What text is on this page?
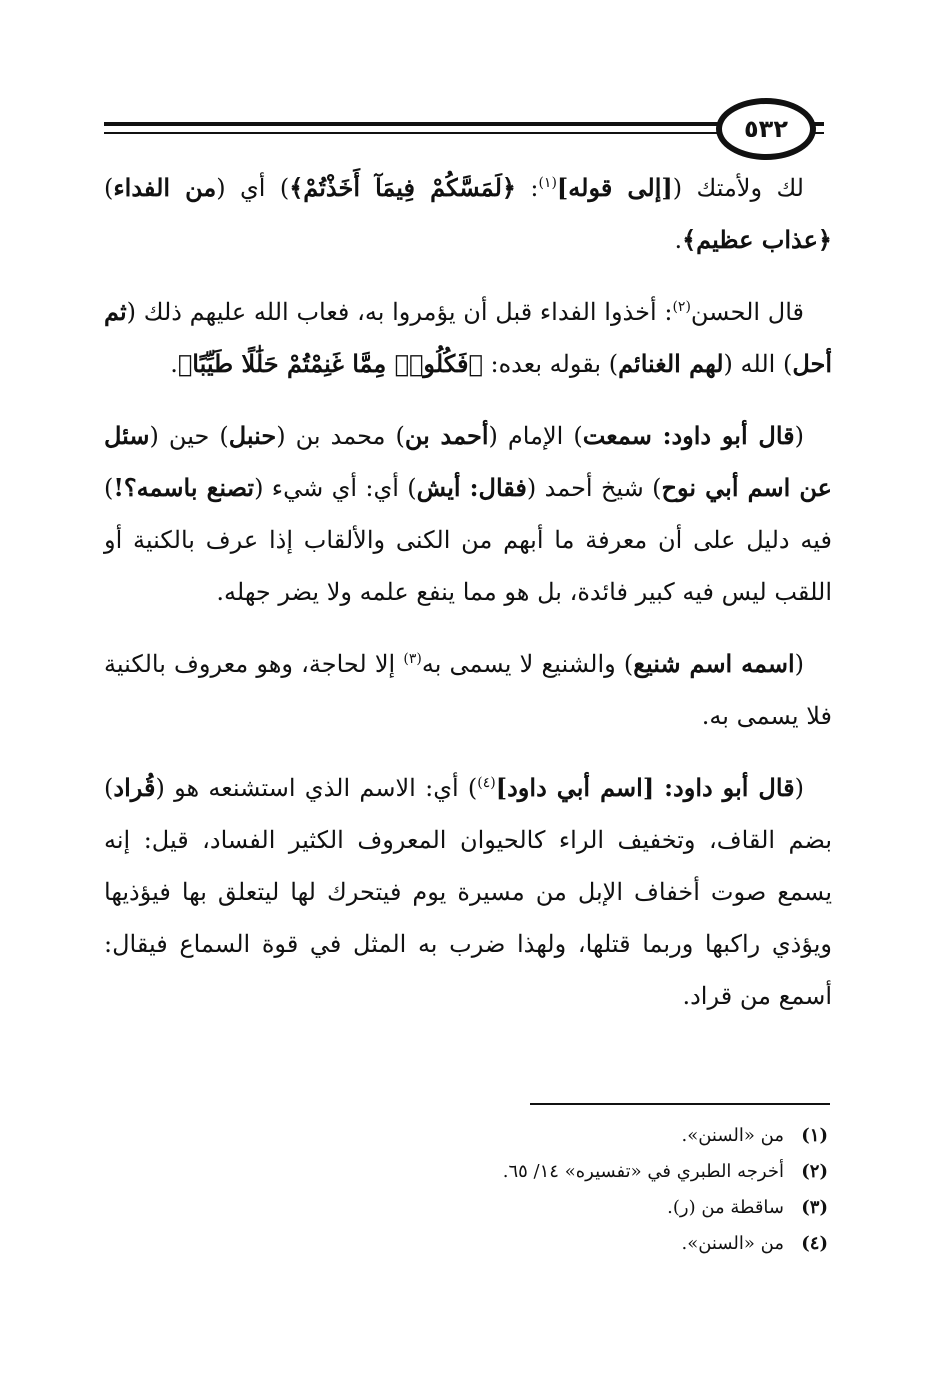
٥٣٢

لك ولأمتك ([إلى قوله]$^{(١)}$: ﴿لَمَسَّكُمْ فِيمَآ أَخَذْتُمْ﴾) أي (من الفداء) ﴿عذاب عظيم﴾.

قال الحسن$^{(٢)}$: أخذوا الفداء قبل أن يؤمروا به، فعاب الله عليهم ذلك (ثم أحل) الله (لهم الغنائم) بقوله بعده: ﴿فَكُلُوا۟ مِمَّا غَنِمْتُمْ حَلَٰلًا طَيِّبًا﴾.

(قال أبو داود: سمعت) الإمام (أحمد بن) محمد بن (حنبل) حين (سئل عن اسم أبي نوح) شيخ أحمد (فقال: أيش) أي: أي شيء (تصنع باسمه؟!) فيه دليل على أن معرفة ما أبهم من الكنى والألقاب إذا عرف بالكنية أو اللقب ليس فيه كبير فائدة، بل هو مما ينفع علمه ولا يضر جهله.

(اسمه اسم شنيع) والشنيع لا يسمى به$^{(٣)}$ إلا لحاجة، وهو معروف بالكنية فلا يسمى به.

(قال أبو داود: [اسم أبي داود]$^{(٤)}$) أي: الاسم الذي استشنعه هو (قُراد) بضم القاف، وتخفيف الراء كالحيوان المعروف الكثير الفساد، قيل: إنه يسمع صوت أخفاف الإبل من مسيرة يوم فيتحرك لها ليتعلق بها فيؤذيها ويؤذي راكبها وربما قتلها، ولهذا ضرب به المثل في قوة السماع فيقال: أسمع من قراد.

(١)
من «السنن».
(٢)
أخرجه الطبري في «تفسيره» ١٤/ ٦٥.
(٣)
ساقطة من (ر).
(٤)
من «السنن».
